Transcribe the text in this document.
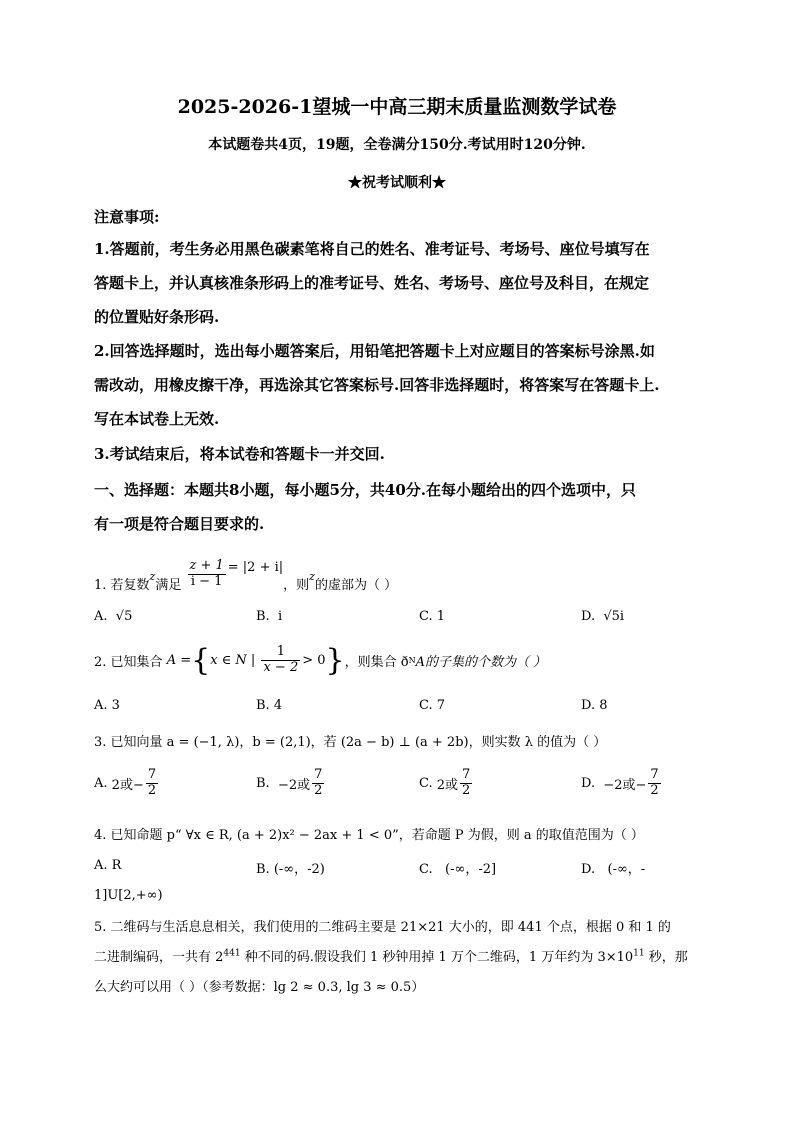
2025-2026-1望城一中高三期末质量监测数学试卷
本试题卷共4页，19题，全卷满分150分.考试用时120分钟.
★祝考试顺利★
注意事项:
1.答题前，考生务必用黑色碳素笔将自己的姓名、准考证号、考场号、座位号填写在
答题卡上，并认真核准条形码上的准考证号、姓名、考场号、座位号及科目，在规定
的位置贴好条形码.
2.回答选择题时，选出每小题答案后，用铅笔把答题卡上对应题目的答案标号涂黑.如
需改动，用橡皮擦干净，再选涂其它答案标号.回答非选择题时，将答案写在答题卡上.
写在本试卷上无效.
3.考试结束后，将本试卷和答题卡一并交回.
一、选择题：本题共8小题，每小题5分，共40分.在每小题给出的四个选项中，只
有一项是符合题目要求的.
1. 若复数$^z$满足 $\frac{z + 1}{i - 1} = |2 + i|$，则$^z$的虚部为（ ）
A. √5	B. i	C. 1	D. √5i
2. 已知集合 A ={x ∈ N | $\frac{1}{x - 2} > 0$}，则集合 ðNA的子集的个数为（ ）
A. 3	B. 4	C. 7	D. 8
3. 已知向量 a = (−1, λ)，b = (2,1)，若 (2a − b) ⊥ (a + 2b)，则实数 λ 的值为（ ）
A. 2或− $\frac{7}{2}$	B. −2或 $\frac{7}{2}$	C. 2或 $\frac{7}{2}$	D. −2或− $\frac{7}{2}$
4. 已知命题 p“ ∀x ∈ R, (a + 2)x² − 2ax + 1 < 0”，若命题 P 为假，则 a 的取值范围为（ ）
A. R	B. (-∞，-2)	C. (-∞，-2]	D. (-∞，-
1]U[2,+∞)
5. 二维码与生活息息相关，我们使用的二维码主要是 21×21 大小的，即 441 个点，根据 0 和 1 的
二进制编码，一共有 $2^{441}$ 种不同的码.假设我们 1 秒钟用掉 1 万个二维码，1 万年约为 $3\times 10^{11}$ 秒，那
么大约可以用（ ）（参考数据：lg 2 ≈ 0.3, lg 3 ≈ 0.5）
